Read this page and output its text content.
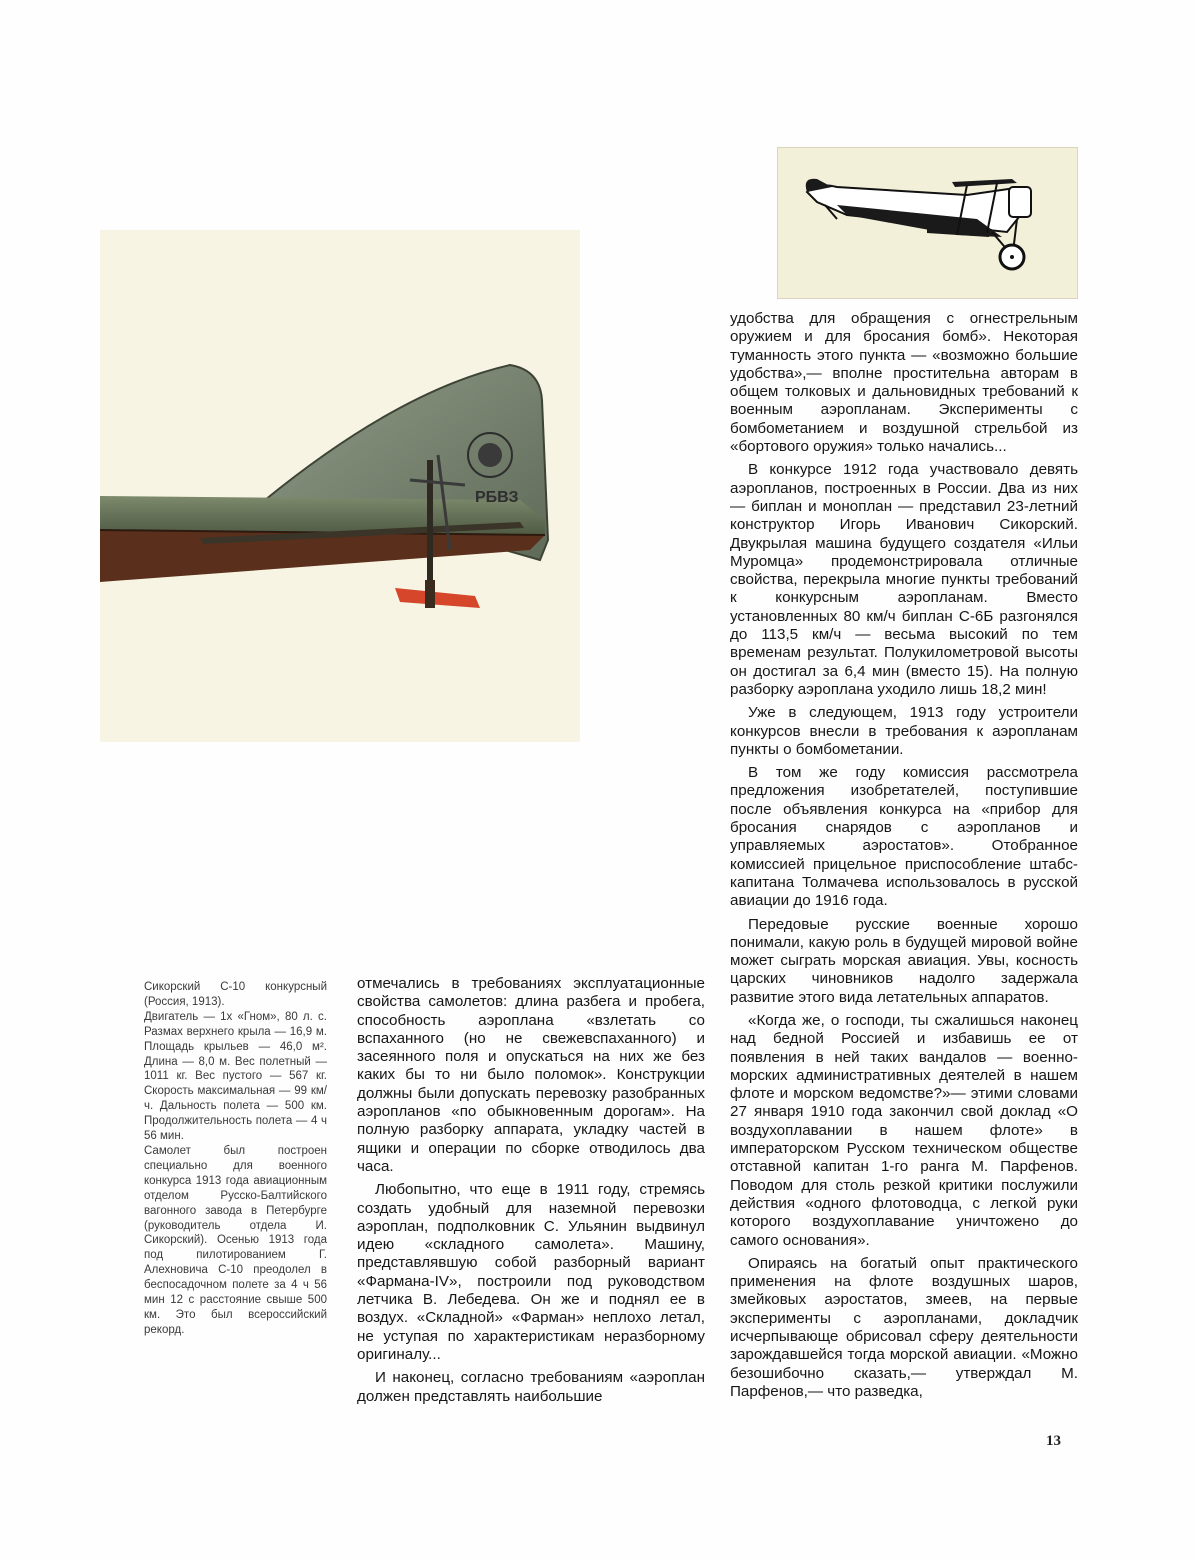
РБВЗ

Сикорский С-10 конкурсный (Россия, 1913).

Двигатель — 1х «Гном», 80 л. с. Размах верхнего крыла — 16,9 м. Площадь крыльев — 46,0 м². Длина — 8,0 м. Вес полетный — 1011 кг. Вес пустого — 567 кг. Скорость максимальная — 99 км/ч. Дальность полета — 500 км. Продолжительность полета — 4 ч 56 мин.

Самолет был построен специально для военного конкурса 1913 года авиационным отделом Русско-Балтийского вагонного завода в Петербурге (руководитель отдела И. Сикорский). Осенью 1913 года под пилотированием Г. Алехновича С-10 преодолел в беспосадочном полете за 4 ч 56 мин 12 с расстояние свыше 500 км. Это был всероссийский рекорд.

отмечались в требованиях эксплуатационные свойства самолетов: длина разбега и пробега, способность аэроплана «взлетать со вспаханного (но не свежевспаханного) и засеянного поля и опускаться на них же без каких бы то ни было поломок». Конструкции должны были допускать перевозку разобранных аэропланов «по обыкновенным дорогам». На полную разборку аппарата, укладку частей в ящики и операции по сборке отводилось два часа.

Любопытно, что еще в 1911 году, стремясь создать удобный для наземной перевозки аэроплан, подполковник С. Ульянин выдвинул идею «складного самолета». Машину, представлявшую собой разборный вариант «Фармана-IV», построили под руководством летчика В. Лебедева. Он же и поднял ее в воздух. «Складной» «Фарман» неплохо летал, не уступая по характеристикам неразборному оригиналу...

И наконец, согласно требованиям «аэроплан должен представлять наибольшие

удобства для обращения с огнестрельным оружием и для бросания бомб». Некоторая туманность этого пункта — «возможно большие удобства»,— вполне простительна авторам в общем толковых и дальновидных требований к военным аэропланам. Эксперименты с бомбометанием и воздушной стрельбой из «бортового оружия» только начались...

В конкурсе 1912 года участвовало девять аэропланов, построенных в России. Два из них — биплан и моноплан — представил 23-летний конструктор Игорь Иванович Сикорский. Двукрылая машина будущего создателя «Ильи Муромца» продемонстрировала отличные свойства, перекрыла многие пункты требований к конкурсным аэропланам. Вместо установленных 80 км/ч биплан С-6Б разгонялся до 113,5 км/ч — весьма высокий по тем временам результат. Полукилометровой высоты он достигал за 6,4 мин (вместо 15). На полную разборку аэроплана уходило лишь 18,2 мин!

Уже в следующем, 1913 году устроители конкурсов внесли в требования к аэропланам пункты о бомбометании.

В том же году комиссия рассмотрела предложения изобретателей, поступившие после объявления конкурса на «прибор для бросания снарядов с аэропланов и управляемых аэростатов». Отобранное комиссией прицельное приспособление штабс-капитана Толмачева использовалось в русской авиации до 1916 года.

Передовые русские военные хорошо понимали, какую роль в будущей мировой войне может сыграть морская авиация. Увы, косность царских чиновников надолго задержала развитие этого вида летательных аппаратов.

«Когда же, о господи, ты сжалишься наконец над бедной Россией и избавишь ее от появления в ней таких вандалов — военно-морских административных деятелей в нашем флоте и морском ведомстве?»— этими словами 27 января 1910 года закончил свой доклад «О воздухоплавании в нашем флоте» в императорском Русском техническом обществе отставной капитан 1-го ранга М. Парфенов. Поводом для столь резкой критики послужили действия «одного флотоводца, с легкой руки которого воздухоплавание уничтожено до самого основания».

Опираясь на богатый опыт практического применения на флоте воздушных шаров, змейковых аэростатов, змеев, на первые эксперименты с аэропланами, докладчик исчерпывающе обрисовал сферу деятельности зарождавшейся тогда морской авиации. «Можно безошибочно сказать,— утверждал М. Парфенов,— что разведка,

13
